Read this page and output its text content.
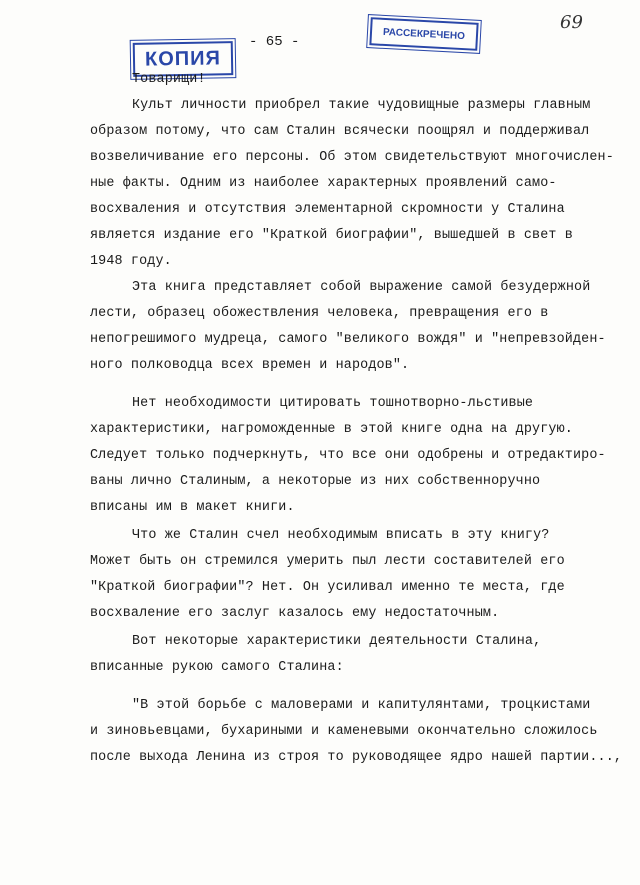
КОПИЯ
- 65 -
РАССЕКРЕЧЕНО
69
Товарищи!
Культ личности приобрел такие чудовищные размеры главным
образом потому, что сам Сталин всячески поощрял и поддерживал
возвеличивание его персоны. Об этом свидетельствуют многочислен-
ные факты. Одним из наиболее характерных проявлений само-
восхваления и отсутствия элементарной скромности у Сталина
является издание его "Краткой биографии", вышедшей в свет в
1948 году.
Эта книга представляет собой выражение самой безудержной
лести, образец обожествления человека, превращения его в
непогрешимого мудреца, самого "великого вождя" и "непревзойден-
ного полководца всех времен и народов".
Нет необходимости цитировать тошнотворно-льстивые
характеристики, нагроможденные в этой книге одна на другую.
Следует только подчеркнуть, что все они одобрены и отредактиро-
ваны лично Сталиным, а некоторые из них собственноручно
вписаны им в макет книги.
Что же Сталин счел необходимым вписать в эту книгу?
Может быть он стремился умерить пыл лести составителей его
"Краткой биографии"? Нет. Он усиливал именно те места, где
восхваление его заслуг казалось ему недостаточным.
Вот некоторые характеристики деятельности Сталина,
вписанные рукою самого Сталина:
"В этой борьбе с маловерами и капитулянтами, троцкистами
и зиновьевцами, бухариными и каменевыми окончательно сложилось
после выхода Ленина из строя то руководящее ядро нашей партии...,
